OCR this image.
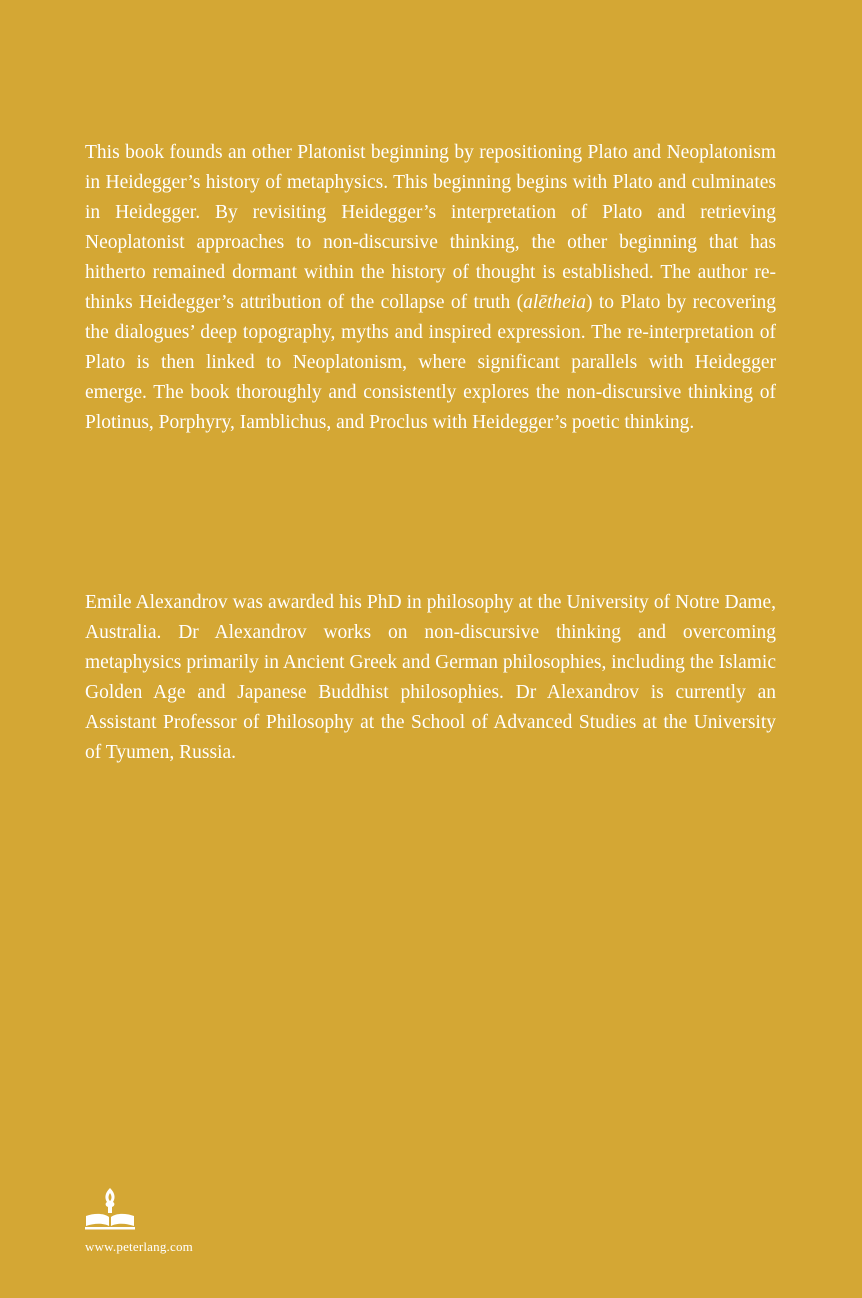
This book founds an other Platonist beginning by repositioning Plato and Neoplatonism in Heidegger’s history of metaphysics. This beginning begins with Plato and culminates in Heidegger. By revisiting Heidegger’s interpretation of Plato and retrieving Neoplatonist approaches to non-discursive thinking, the other beginning that has hitherto remained dormant within the history of thought is established. The author re-thinks Heidegger’s attribution of the collapse of truth (alētheia) to Plato by recovering the dialogues’ deep topography, myths and inspired expression. The re-interpretation of Plato is then linked to Neoplatonism, where significant parallels with Heidegger emerge. The book thoroughly and consistently explores the non-discursive thinking of Plotinus, Porphyry, Iamblichus, and Proclus with Heidegger’s poetic thinking.

Emile Alexandrov was awarded his PhD in philosophy at the University of Notre Dame, Australia. Dr Alexandrov works on non-discursive thinking and overcoming metaphysics primarily in Ancient Greek and German philosophies, including the Islamic Golden Age and Japanese Buddhist philosophies. Dr Alexandrov is currently an Assistant Professor of Philosophy at the School of Advanced Studies at the University of Tyumen, Russia.

www.peterlang.com
